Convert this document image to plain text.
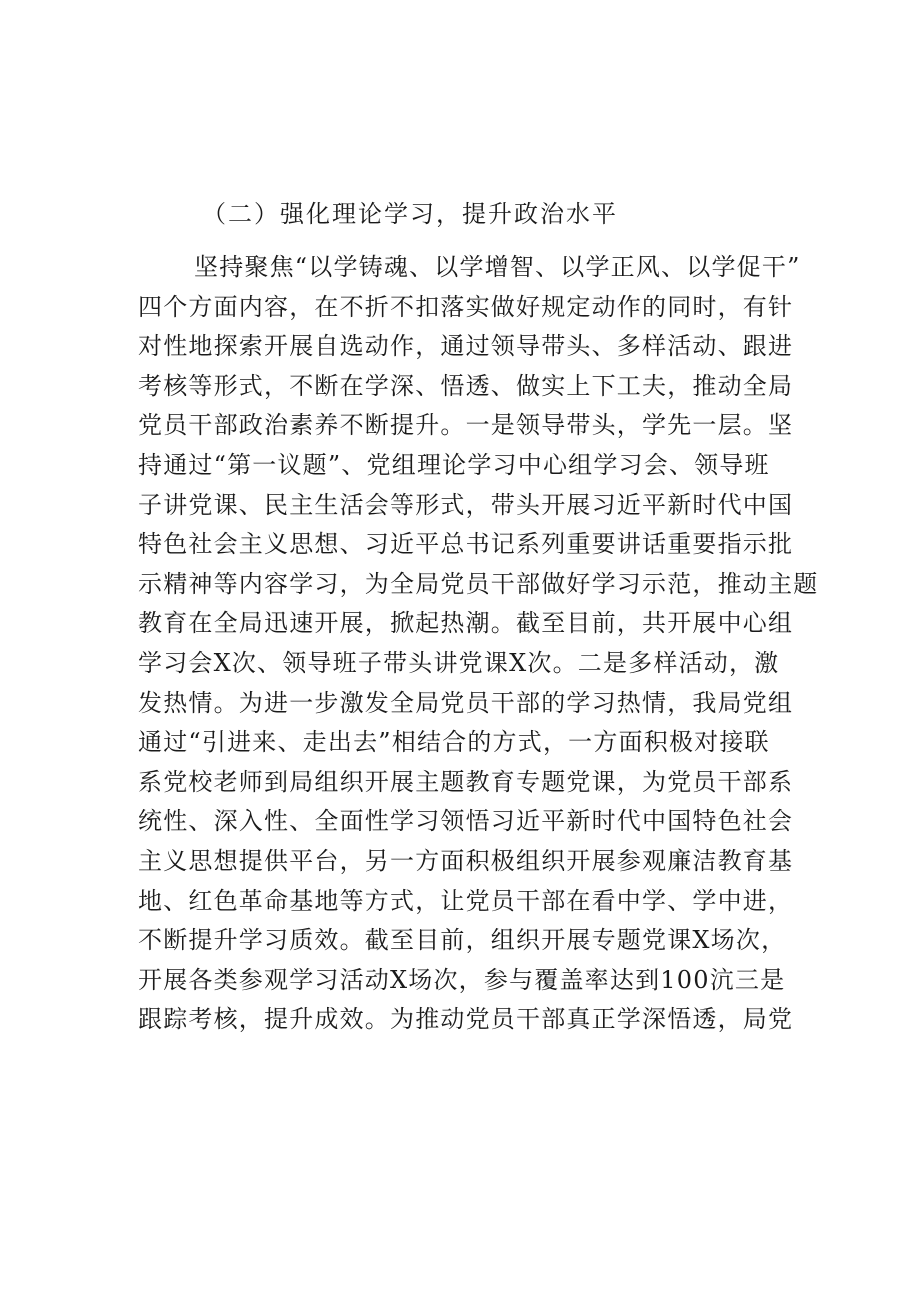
（二）强化理论学习，提升政治水平

坚持聚焦“以学铸魂、以学增智、以学正风、以学促干”
四个方面内容，在不折不扣落实做好规定动作的同时，有针
对性地探索开展自选动作，通过领导带头、多样活动、跟进
考核等形式，不断在学深、悟透、做实上下工夫，推动全局
党员干部政治素养不断提升。一是领导带头，学先一层。坚
持通过“第一议题”、党组理论学习中心组学习会、领导班
子讲党课、民主生活会等形式，带头开展习近平新时代中国
特色社会主义思想、习近平总书记系列重要讲话重要指示批
示精神等内容学习，为全局党员干部做好学习示范，推动主题
教育在全局迅速开展，掀起热潮。截至目前，共开展中心组
学习会X次、领导班子带头讲党课X次。二是多样活动，激
发热情。为进一步激发全局党员干部的学习热情，我局党组
通过“引进来、走出去”相结合的方式，一方面积极对接联
系党校老师到局组织开展主题教育专题党课，为党员干部系
统性、深入性、全面性学习领悟习近平新时代中国特色社会
主义思想提供平台，另一方面积极组织开展参观廉洁教育基
地、红色革命基地等方式，让党员干部在看中学、学中进，
不断提升学习质效。截至目前，组织开展专题党课X场次，
开展各类参观学习活动X场次，参与覆盖率达到100沆三是
跟踪考核，提升成效。为推动党员干部真正学深悟透，局党
